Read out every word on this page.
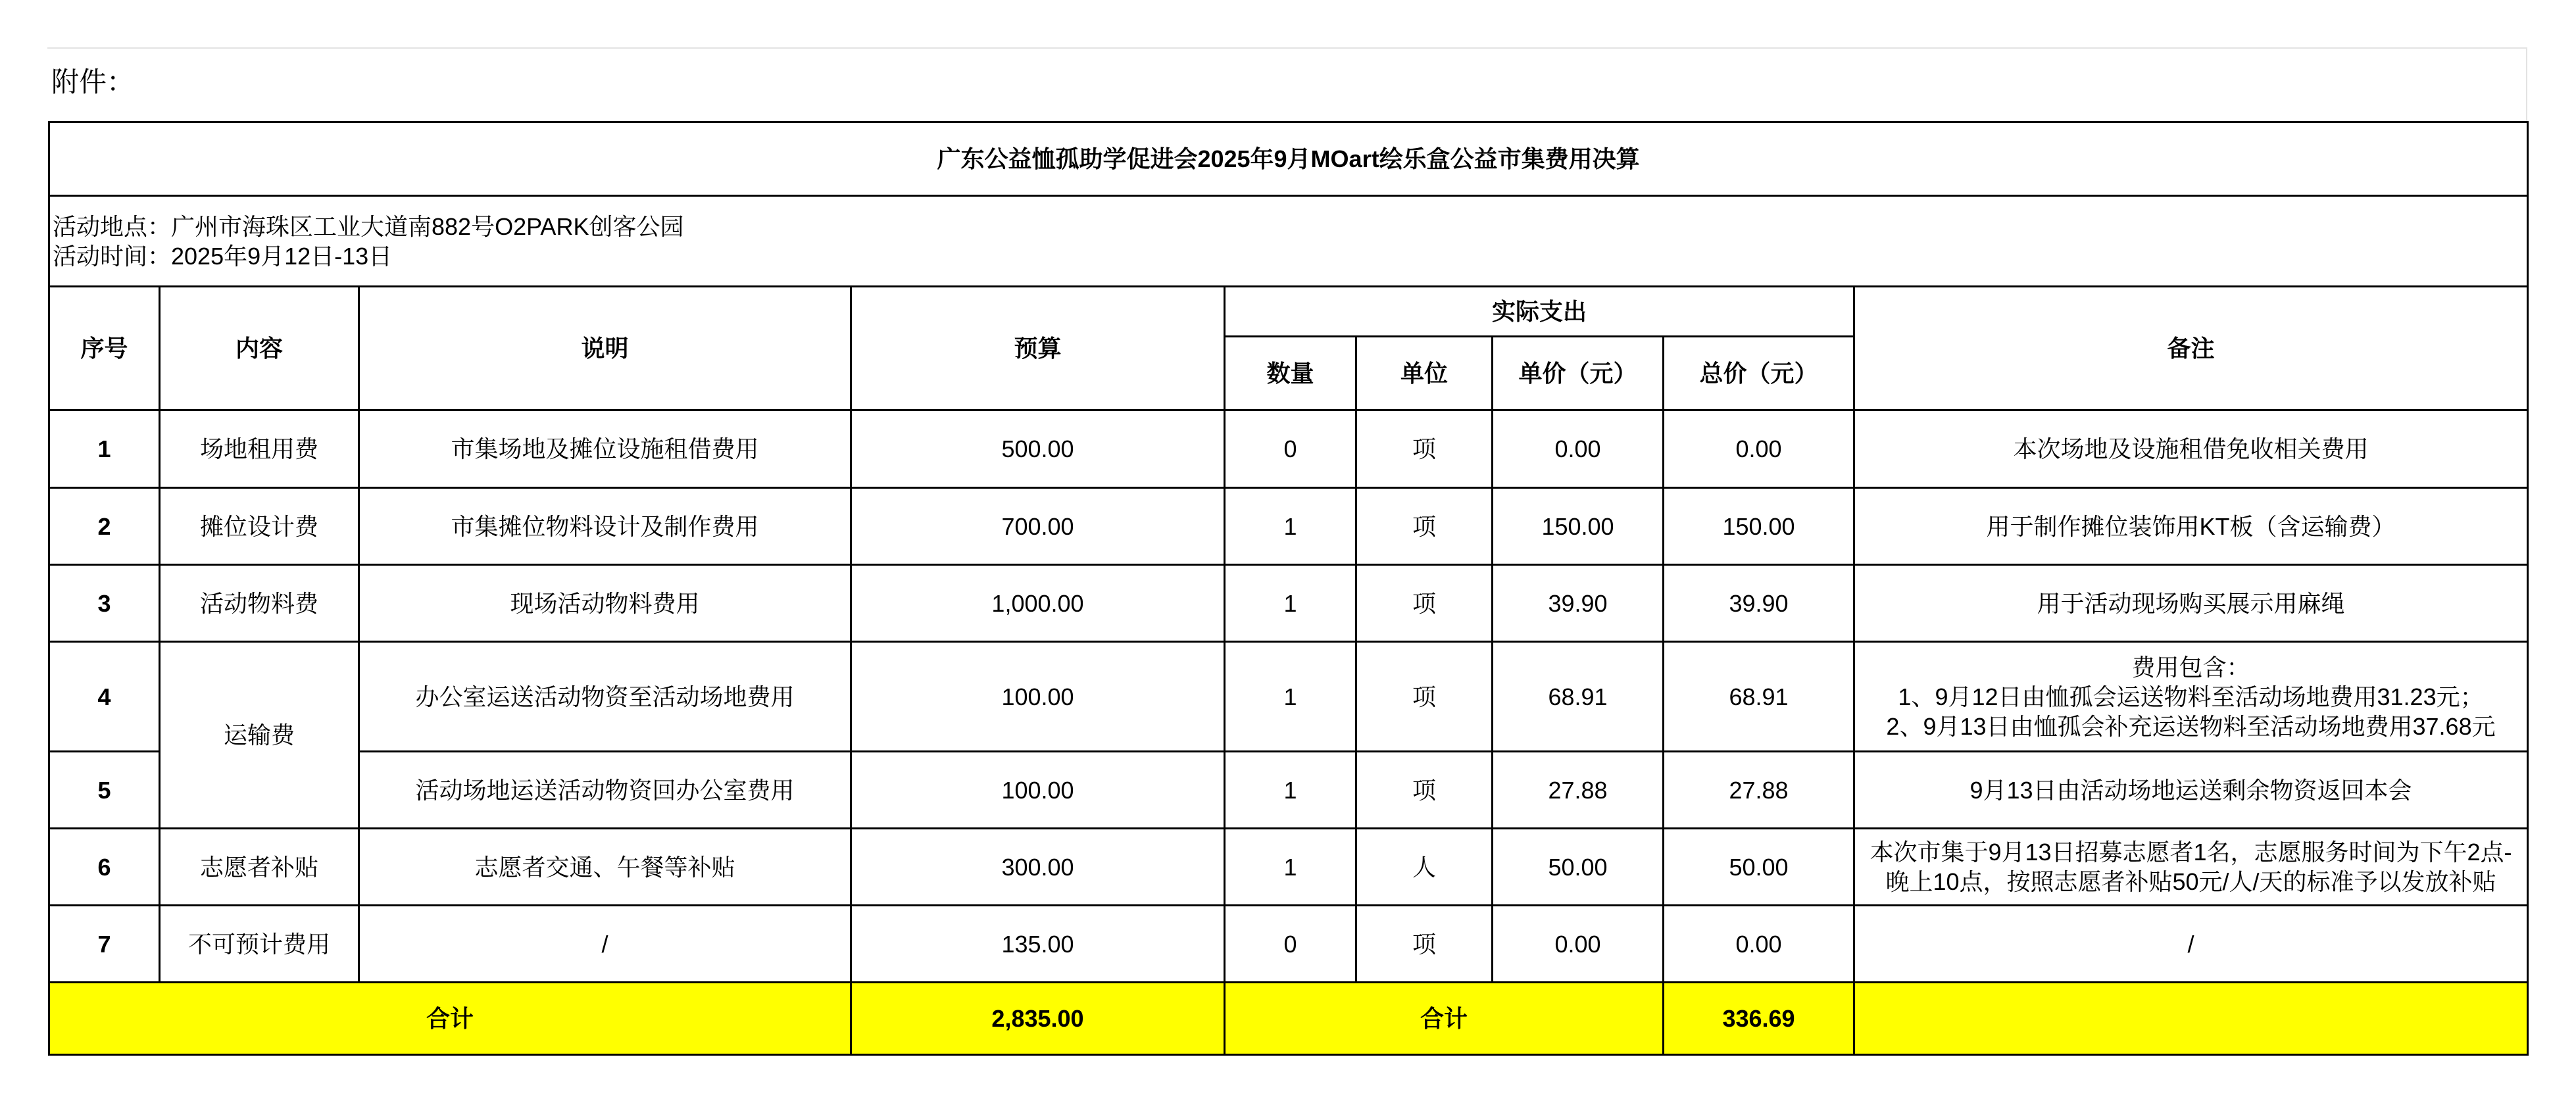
附件：
广东公益恤孤助学促进会2025年9月MOart绘乐盒公益市集费用决算								

活动地点：广州市海珠区工业大道南882号O2PARK创客公园
活动时间：2025年9月12日-13日								

序号	内容	说明	预算	实际支出				备注
				数量	单位	单价（元）	总价（元）	
1	场地租用费	市集场地及摊位设施租借费用	500.00	0	项	0.00	0.00	本次场地及设施租借免收相关费用
2	摊位设计费	市集摊位物料设计及制作费用	700.00	1	项	150.00	150.00	用于制作摊位装饰用KT板（含运输费）
3	活动物料费	现场活动物料费用	1,000.00	1	项	39.90	39.90	用于活动现场购买展示用麻绳
4	运输费	办公室运送活动物资至活动场地费用	100.00	1	项	68.91	68.91	费用包含：
1、9月12日由恤孤会运送物料至活动场地费用31.23元；
2、9月13日由恤孤会补充运送物料至活动场地费用37.68元

5		活动场地运送活动物资回办公室费用	100.00	1	项	27.88	27.88	9月13日由活动场地运送剩余物资返回本会
6	志愿者补贴	志愿者交通、午餐等补贴	300.00	1	人	50.00	50.00	本次市集于9月13日招募志愿者1名，志愿服务时间为下午2点-
晚上10点，按照志愿者补贴50元/人/天的标准予以发放补贴

7	不可预计费用	/	135.00	0	项	0.00	0.00	/
合计			2,835.00	合计			336.69	
